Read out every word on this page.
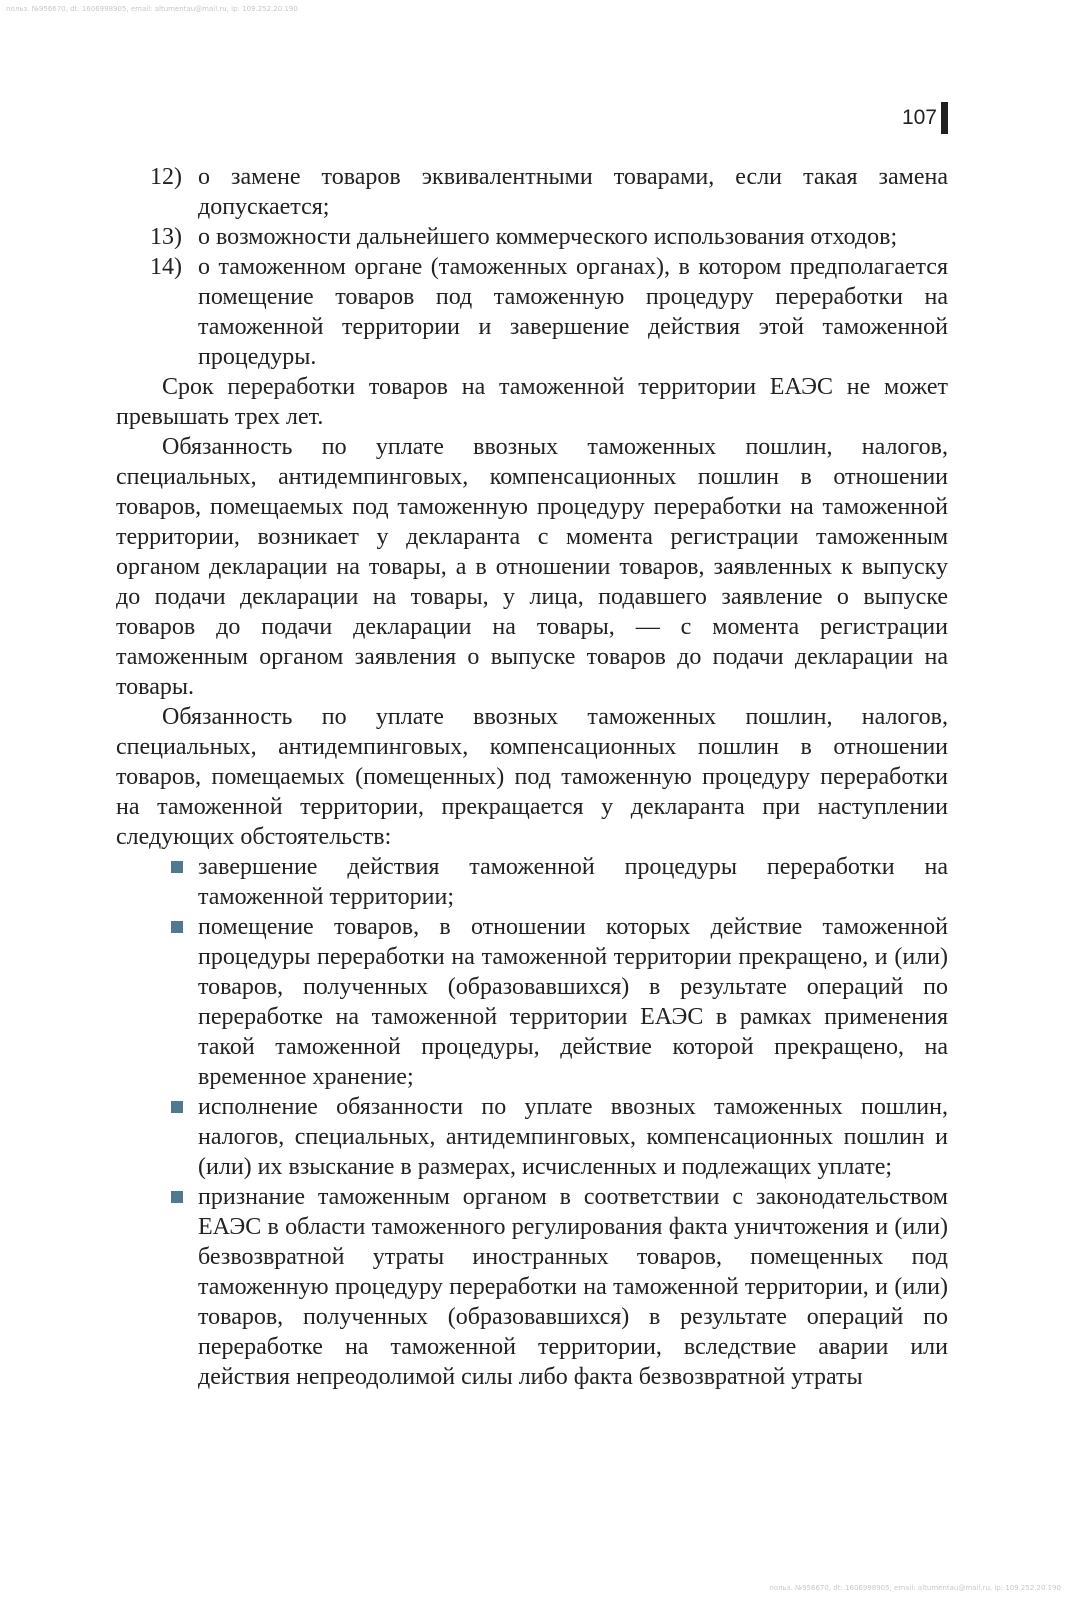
польз. №956670, dt: 1606998905, email: altumentau@mail.ru, ip: 109.252.20.190
107
12) о замене товаров эквивалентными товарами, если такая замена допускается;
13) о возможности дальнейшего коммерческого использования отходов;
14) о таможенном органе (таможенных органах), в котором предполагается помещение товаров под таможенную процедуру переработки на таможенной территории и завершение действия этой таможенной процедуры.

Срок переработки товаров на таможенной территории ЕАЭС не может превышать трех лет.

Обязанность по уплате ввозных таможенных пошлин, налогов, специальных, антидемпинговых, компенсационных пошлин в отношении товаров, помещаемых под таможенную процедуру переработки на таможенной территории, возникает у декларанта с момента регистрации таможенным органом декларации на товары, а в отношении товаров, заявленных к выпуску до подачи декларации на товары, у лица, подавшего заявление о выпуске товаров до подачи декларации на товары, — с момента регистрации таможенным органом заявления о выпуске товаров до подачи декларации на товары.

Обязанность по уплате ввозных таможенных пошлин, налогов, специальных, антидемпинговых, компенсационных пошлин в отношении товаров, помещаемых (помещенных) под таможенную процедуру переработки на таможенной территории, прекращается у декларанта при наступлении следующих обстоятельств:

завершение действия таможенной процедуры переработки на таможенной территории;
помещение товаров, в отношении которых действие таможенной процедуры переработки на таможенной территории прекращено, и (или) товаров, полученных (образовавшихся) в результате операций по переработке на таможенной территории ЕАЭС в рамках применения такой таможенной процедуры, действие которой прекращено, на временное хранение;
исполнение обязанности по уплате ввозных таможенных пошлин, налогов, специальных, антидемпинговых, компенсационных пошлин и (или) их взыскание в размерах, исчисленных и подлежащих уплате;
признание таможенным органом в соответствии с законодательством ЕАЭС в области таможенного регулирования факта уничтожения и (или) безвозвратной утраты иностранных товаров, помещенных под таможенную процедуру переработки на таможенной территории, и (или) товаров, полученных (образовавшихся) в результате операций по переработке на таможенной территории, вследствие аварии или действия непреодолимой силы либо факта безвозвратной утраты
польз. №956670, dt: 1606998905, email: altumentau@mail.ru, ip: 109.252.20.190
